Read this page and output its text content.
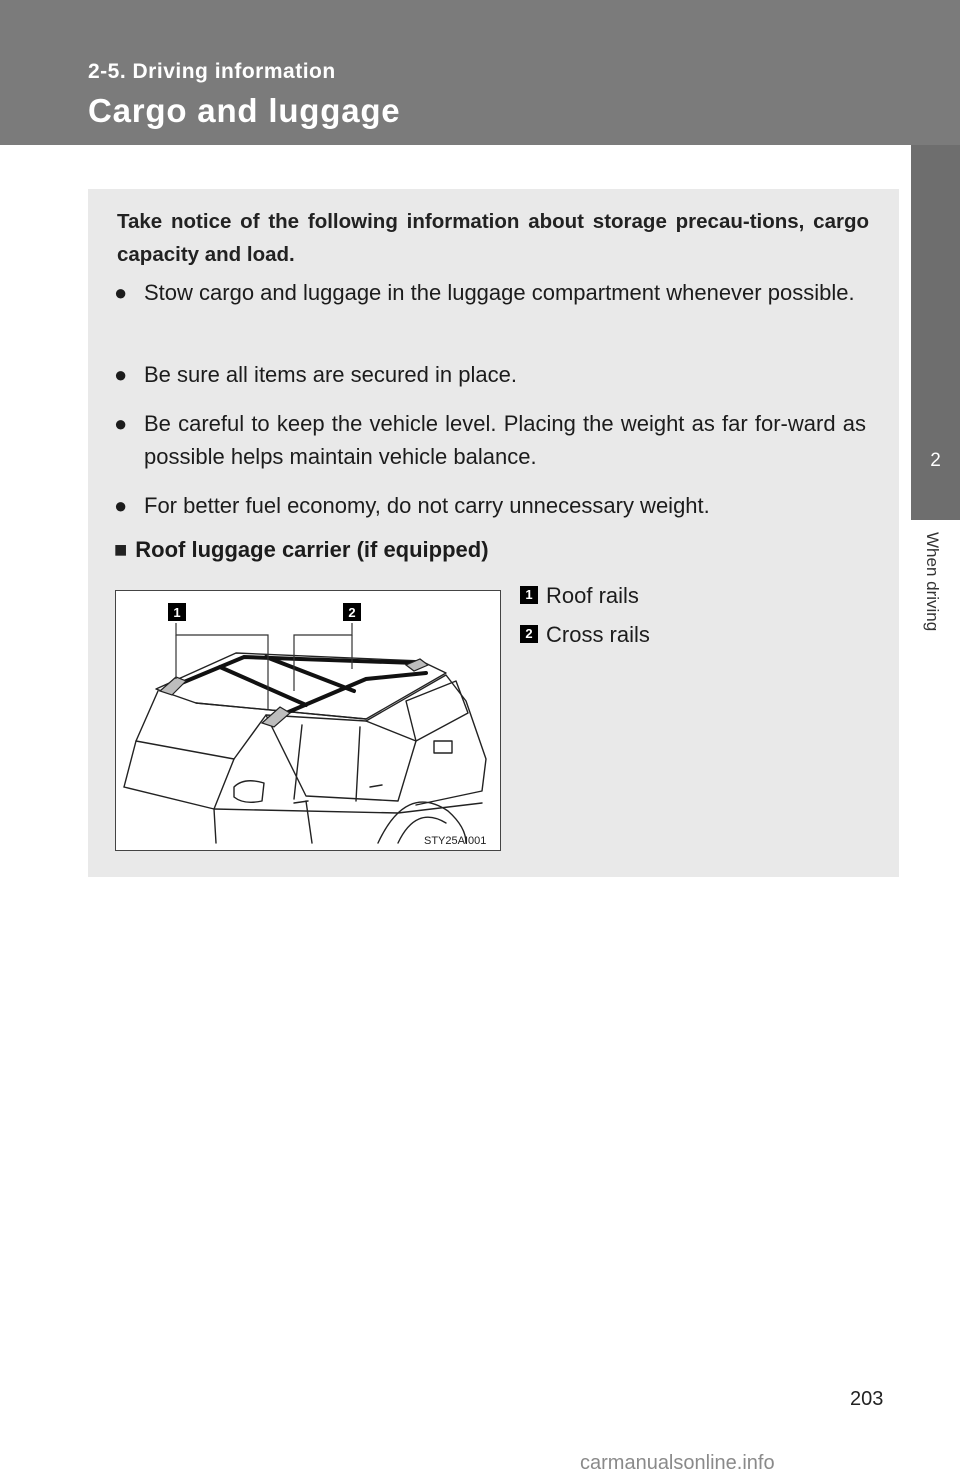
2-5. Driving information

Cargo and luggage
2
When driving

Take notice of the following information about storage precau-tions, cargo capacity and load.

● Stow cargo and luggage in the luggage compartment whenever possible.
● Be sure all items are secured in place.
● Be careful to keep the vehicle level. Placing the weight as far for-ward as possible helps maintain vehicle balance.
● For better fuel economy, do not carry unnecessary weight.
■ Roof luggage carrier (if equipped)
1	2
STY25AI001
1 Roof rails
2 Cross rails
203
carmanualsonline.info
